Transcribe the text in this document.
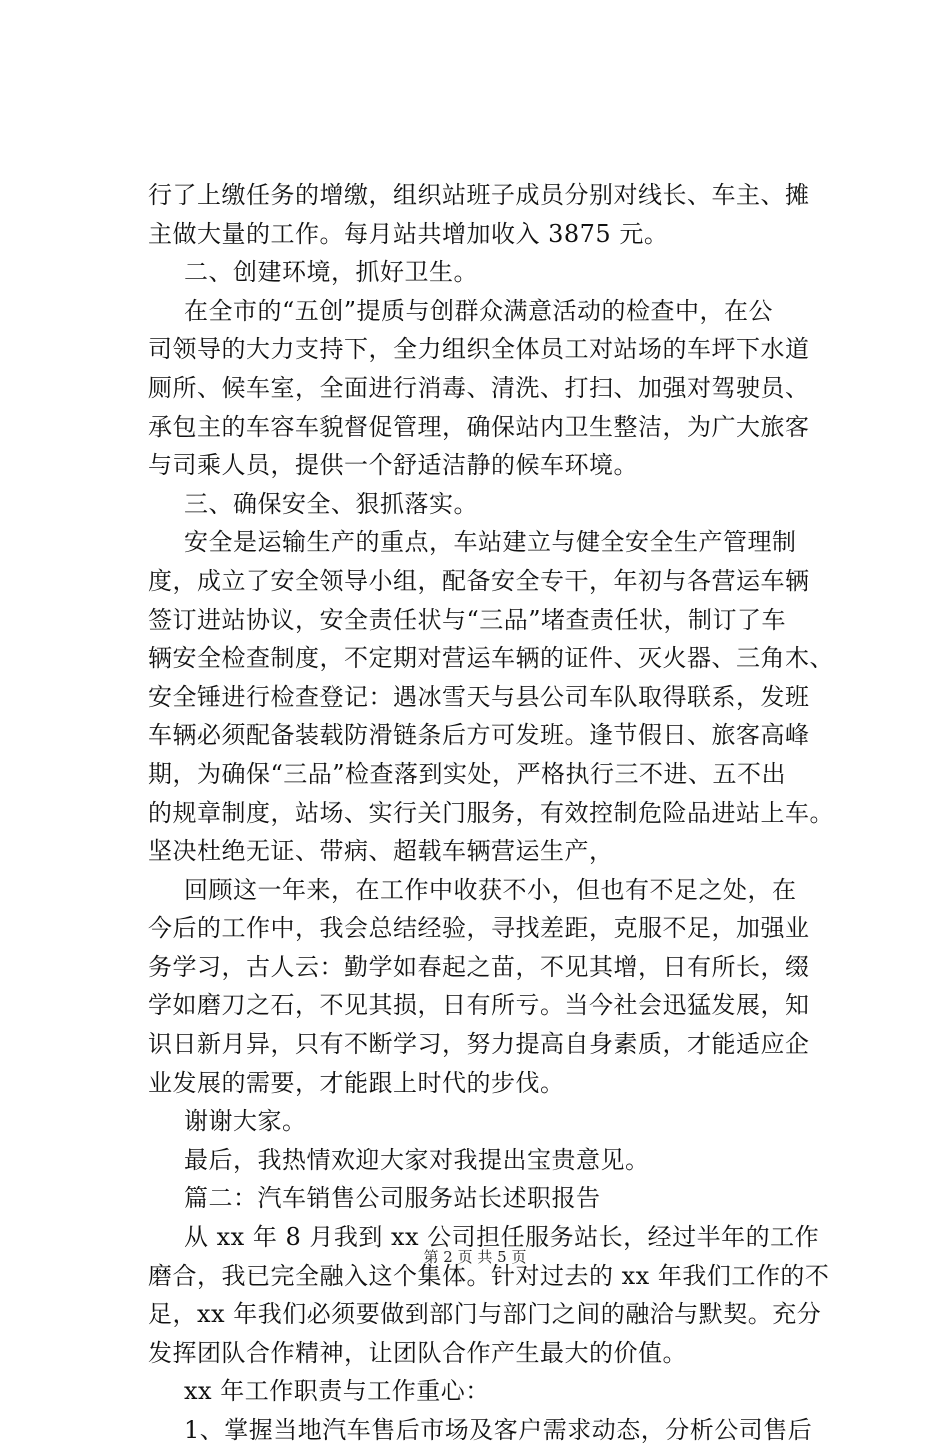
行了上缴任务的增缴，组织站班子成员分别对线长、车主、摊
主做大量的工作。每月站共增加收入 3875 元。
二、创建环境，抓好卫生。
在全市的“五创”提质与创群众满意活动的检查中，在公
司领导的大力支持下，全力组织全体员工对站场的车坪下水道
厕所、候车室，全面进行消毒、清洗、打扫、加强对驾驶员、
承包主的车容车貌督促管理，确保站内卫生整洁，为广大旅客
与司乘人员，提供一个舒适洁静的候车环境。
三、确保安全、狠抓落实。
安全是运输生产的重点，车站建立与健全安全生产管理制
度，成立了安全领导小组，配备安全专干，年初与各营运车辆
签订进站协议，安全责任状与“三品”堵查责任状，制订了车
辆安全检查制度，不定期对营运车辆的证件、灭火器、三角木、
安全锤进行检查登记：遇冰雪天与县公司车队取得联系，发班
车辆必须配备装载防滑链条后方可发班。逢节假日、旅客高峰
期，为确保“三品”检查落到实处，严格执行三不进、五不出
的规章制度，站场、实行关门服务，有效控制危险品进站上车。
坚决杜绝无证、带病、超载车辆营运生产，
回顾这一年来，在工作中收获不小，但也有不足之处，在
今后的工作中，我会总结经验，寻找差距，克服不足，加强业
务学习，古人云：勤学如春起之苗，不见其增，日有所长，缀
学如磨刀之石，不见其损，日有所亏。当今社会迅猛发展，知
识日新月异，只有不断学习，努力提高自身素质，才能适应企
业发展的需要，才能跟上时代的步伐。
谢谢大家。
最后，我热情欢迎大家对我提出宝贵意见。
篇二：汽车销售公司服务站长述职报告
从 xx 年 8 月我到 xx 公司担任服务站长，经过半年的工作
磨合，我已完全融入这个集体。针对过去的 xx 年我们工作的不
足，xx 年我们必须要做到部门与部门之间的融洽与默契。充分
发挥团队合作精神，让团队合作产生最大的价值。
xx 年工作职责与工作重心：
1、掌握当地汽车售后市场及客户需求动态，分析公司售后
第 2 页 共 5 页
